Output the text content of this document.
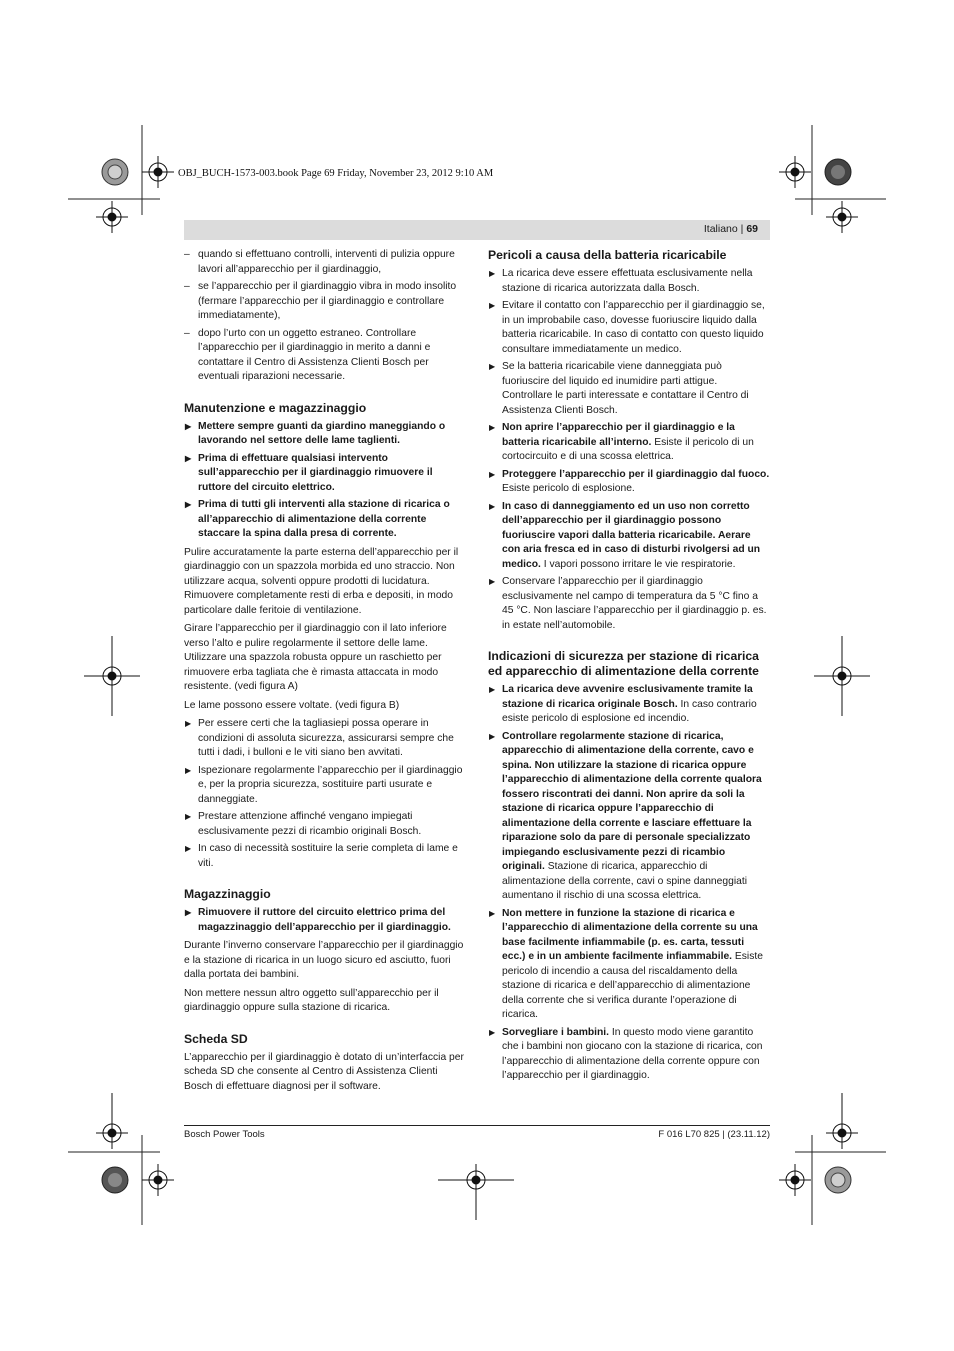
OBJ_BUCH-1573-003.book Page 69 Friday, November 23, 2012 9:10 AM
Italiano | 69
– quando si effettuano controlli, interventi di pulizia oppure lavori all’apparecchio per il giardinaggio,
– se l’apparecchio per il giardinaggio vibra in modo insolito (fermare l’apparecchio per il giardinaggio e controllare immediatamente),
– dopo l’urto con un oggetto estraneo. Controllare l’apparecchio per il giardinaggio in merito a danni e contattare il Centro di Assistenza Clienti Bosch per eventuali riparazioni necessarie.
Manutenzione e magazzinaggio
▶ Mettere sempre guanti da giardino maneggiando o lavorando nel settore delle lame taglienti.
▶ Prima di effettuare qualsiasi intervento sull’apparecchio per il giardinaggio rimuovere il ruttore del circuito elettrico.
▶ Prima di tutti gli interventi alla stazione di ricarica o all’apparecchio di alimentazione della corrente staccare la spina dalla presa di corrente.

Pulire accuratamente la parte esterna dell’apparecchio per il giardinaggio con un spazzola morbida ed uno straccio. Non utilizzare acqua, solventi oppure prodotti di lucidatura. Rimuovere completamente resti di erba e depositi, in modo particolare dalle feritoie di ventilazione.

Girare l’apparecchio per il giardinaggio con il lato inferiore verso l’alto e pulire regolarmente il settore delle lame. Utilizzare una spazzola robusta oppure un raschietto per rimuovere erba tagliata che è rimasta attaccata in modo resistente. (vedi figura A)

Le lame possono essere voltate. (vedi figura B)

▶ Per essere certi che la tagliasiepi possa operare in condizioni di assoluta sicurezza, assicurarsi sempre che tutti i dadi, i bulloni e le viti siano ben avvitati.
▶ Ispezionare regolarmente l’apparecchio per il giardinaggio e, per la propria sicurezza, sostituire parti usurate e danneggiate.
▶ Prestare attenzione affinché vengano impiegati esclusivamente pezzi di ricambio originali Bosch.
▶ In caso di necessità sostituire la serie completa di lame e viti.
Magazzinaggio
▶ Rimuovere il ruttore del circuito elettrico prima del magazzinaggio dell’apparecchio per il giardinaggio.

Durante l’inverno conservare l’apparecchio per il giardinaggio e la stazione di ricarica in un luogo sicuro ed asciutto, fuori dalla portata dei bambini.

Non mettere nessun altro oggetto sull’apparecchio per il giardinaggio oppure sulla stazione di ricarica.

Scheda SD

L’apparecchio per il giardinaggio è dotato di un’interfaccia per scheda SD che consente al Centro di Assistenza Clienti Bosch di effettuare diagnosi per il software.

Pericoli a causa della batteria ricaricabile
▶ La ricarica deve essere effettuata esclusivamente nella stazione di ricarica autorizzata dalla Bosch.
▶ Evitare il contatto con l’apparecchio per il giardinaggio se, in un improbabile caso, dovesse fuoriuscire liquido dalla batteria ricaricabile. In caso di contatto con questo liquido consultare immediatamente un medico.
▶ Se la batteria ricaricabile viene danneggiata può fuoriuscire del liquido ed inumidire parti attigue. Controllare le parti interessate e contattare il Centro di Assistenza Clienti Bosch.
▶ Non aprire l’apparecchio per il giardinaggio e la batteria ricaricabile all’interno. Esiste il pericolo di un cortocircuito e di una scossa elettrica.
▶ Proteggere l’apparecchio per il giardinaggio dal fuoco. Esiste pericolo di esplosione.
▶ In caso di danneggiamento ed un uso non corretto dell’apparecchio per il giardinaggio possono fuoriuscire vapori dalla batteria ricaricabile. Aerare con aria fresca ed in caso di disturbi rivolgersi ad un medico. I vapori possono irritare le vie respiratorie.
▶ Conservare l’apparecchio per il giardinaggio esclusivamente nel campo di temperatura da 5 °C fino a 45 °C. Non lasciare l’apparecchio per il giardinaggio p. es. in estate nell’automobile.
Indicazioni di sicurezza per stazione di ricarica ed apparecchio di alimentazione della corrente
▶ La ricarica deve avvenire esclusivamente tramite la stazione di ricarica originale Bosch. In caso contrario esiste pericolo di esplosione ed incendio.
▶ Controllare regolarmente stazione di ricarica, apparecchio di alimentazione della corrente, cavo e spina. Non utilizzare la stazione di ricarica oppure l’apparecchio di alimentazione della corrente qualora fossero riscontrati dei danni. Non aprire da soli la stazione di ricarica oppure l’apparecchio di alimentazione della corrente e lasciare effettuare la riparazione solo da pare di personale specializzato impiegando esclusivamente pezzi di ricambio originali. Stazione di ricarica, apparecchio di alimentazione della corrente, cavi o spine danneggiati aumentano il rischio di una scossa elettrica.
▶ Non mettere in funzione la stazione di ricarica e l’apparecchio di alimentazione della corrente su una base facilmente infiammabile (p. es. carta, tessuti ecc.) e in un ambiente facilmente infiammabile. Esiste pericolo di incendio a causa del riscaldamento della stazione di ricarica e dell’apparecchio di alimentazione della corrente che si verifica durante l’operazione di ricarica.
▶ Sorvegliare i bambini. In questo modo viene garantito che i bambini non giocano con la stazione di ricarica, con l’apparecchio di alimentazione della corrente oppure con l’apparecchio per il giardinaggio.
Bosch Power Tools	F 016 L70 825 | (23.11.12)
